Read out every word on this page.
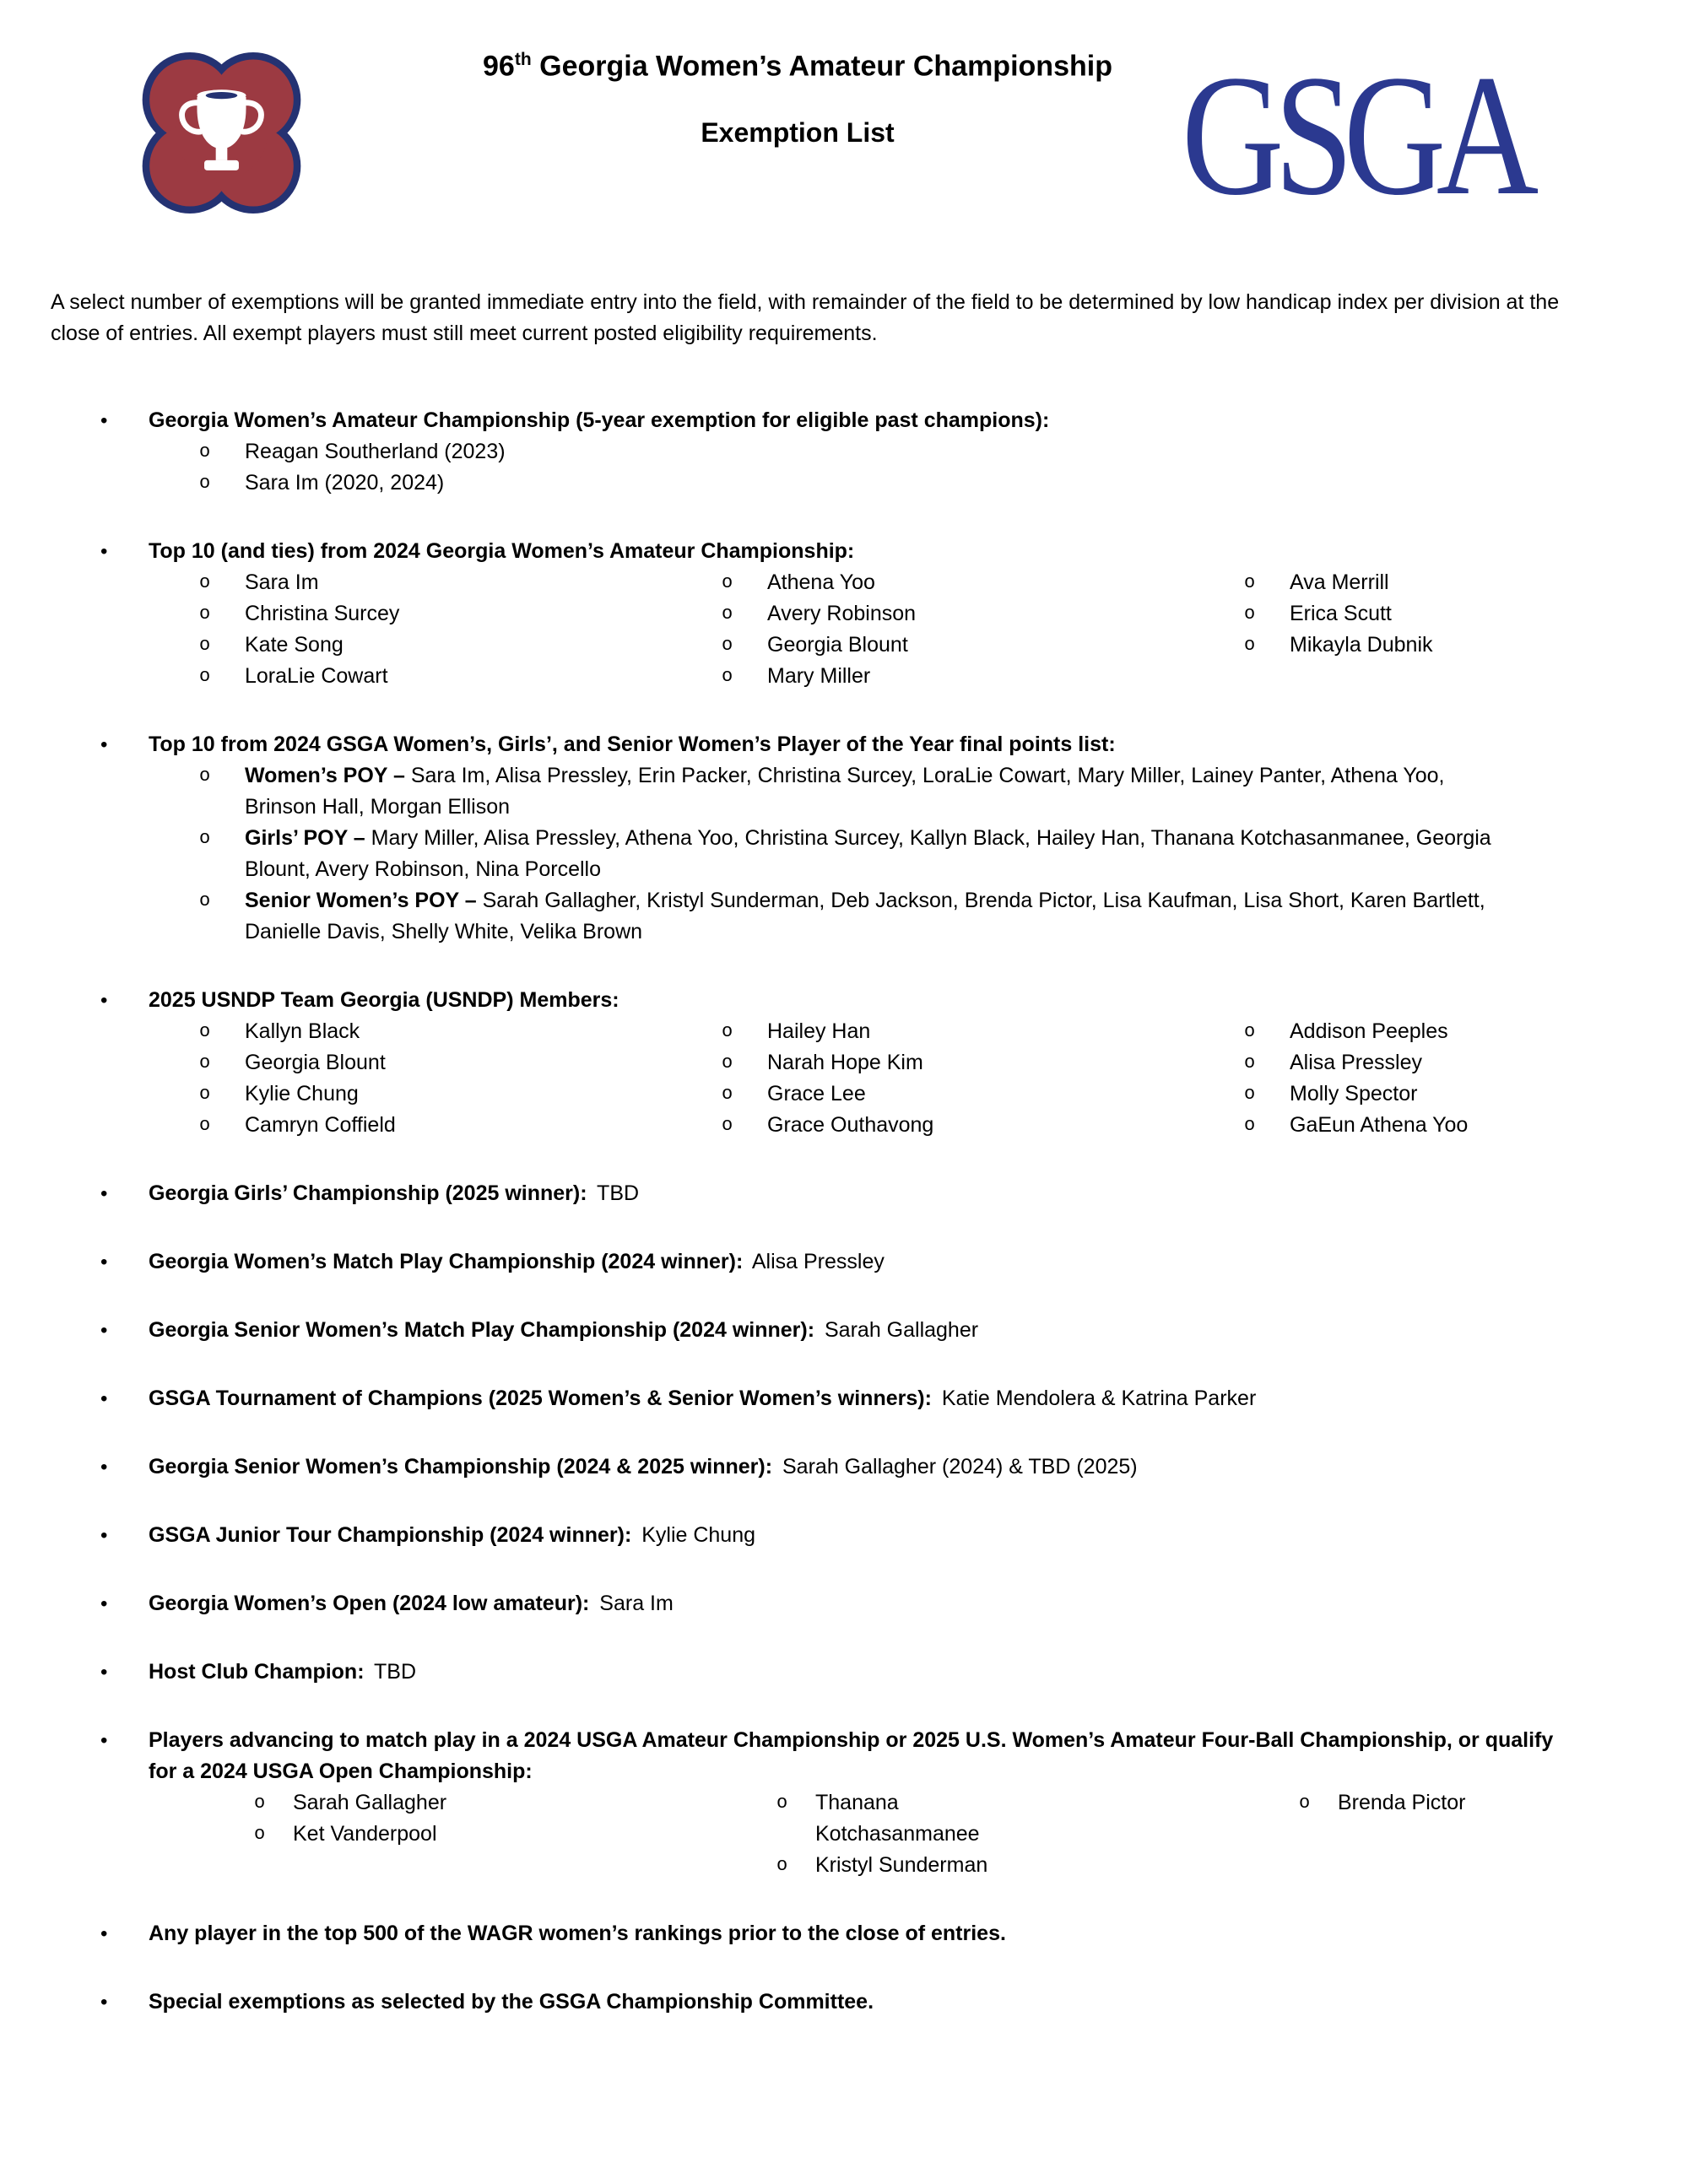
96th Georgia Women’s Amateur Championship
Exemption List	GSGA
A select number of exemptions will be granted immediate entry into the field, with remainder of the field to be determined by low handicap index per division at the close of entries. All exempt players must still meet current posted eligibility requirements.
•	Georgia Women’s Amateur Championship (5-year exemption for eligible past champions):
o	Reagan Southerland (2023)
o	Sara Im (2020, 2024)
•	Top 10 (and ties) from 2024 Georgia Women’s Amateur Championship:
o	Sara Im
o	Christina Surcey
o	Kate Song
o	LoraLie Cowart
o	Athena Yoo
o	Avery Robinson
o	Georgia Blount
o	Mary Miller
o	Ava Merrill
o	Erica Scutt
o	Mikayla Dubnik
•	Top 10 from 2024 GSGA Women’s, Girls’, and Senior Women’s Player of the Year final points list:
o	Women’s POY – Sara Im, Alisa Pressley, Erin Packer, Christina Surcey, LoraLie Cowart, Mary Miller, Lainey Panter, Athena Yoo, Brinson Hall, Morgan Ellison
o	Girls’ POY – Mary Miller, Alisa Pressley, Athena Yoo, Christina Surcey, Kallyn Black, Hailey Han, Thanana Kotchasanmanee, Georgia Blount, Avery Robinson, Nina Porcello
o	Senior Women’s POY – Sarah Gallagher, Kristyl Sunderman, Deb Jackson, Brenda Pictor, Lisa Kaufman, Lisa Short, Karen Bartlett, Danielle Davis, Shelly White, Velika Brown
•	2025 USNDP Team Georgia (USNDP) Members:
o	Kallyn Black
o	Georgia Blount
o	Kylie Chung
o	Camryn Coffield
o	Hailey Han
o	Narah Hope Kim
o	Grace Lee
o	Grace Outhavong
o	Addison Peeples
o	Alisa Pressley
o	Molly Spector
o	GaEun Athena Yoo
•	Georgia Girls’ Championship (2025 winner): TBD
•	Georgia Women’s Match Play Championship (2024 winner): Alisa Pressley
•	Georgia Senior Women’s Match Play Championship (2024 winner): Sarah Gallagher
•	GSGA Tournament of Champions (2025 Women’s & Senior Women’s winners): Katie Mendolera & Katrina Parker
•	Georgia Senior Women’s Championship (2024 & 2025 winner): Sarah Gallagher (2024) & TBD (2025)
•	GSGA Junior Tour Championship (2024 winner): Kylie Chung
•	Georgia Women’s Open (2024 low amateur): Sara Im
•	Host Club Champion: TBD
•	Players advancing to match play in a 2024 USGA Amateur Championship or 2025 U.S. Women’s Amateur Four-Ball Championship, or qualify for a 2024 USGA Open Championship:
o	Sarah Gallagher
o	Ket Vanderpool
o	Thanana Kotchasanmanee
o	Kristyl Sunderman
o	Brenda Pictor
•	Any player in the top 500 of the WAGR women’s rankings prior to the close of entries.
•	Special exemptions as selected by the GSGA Championship Committee.
